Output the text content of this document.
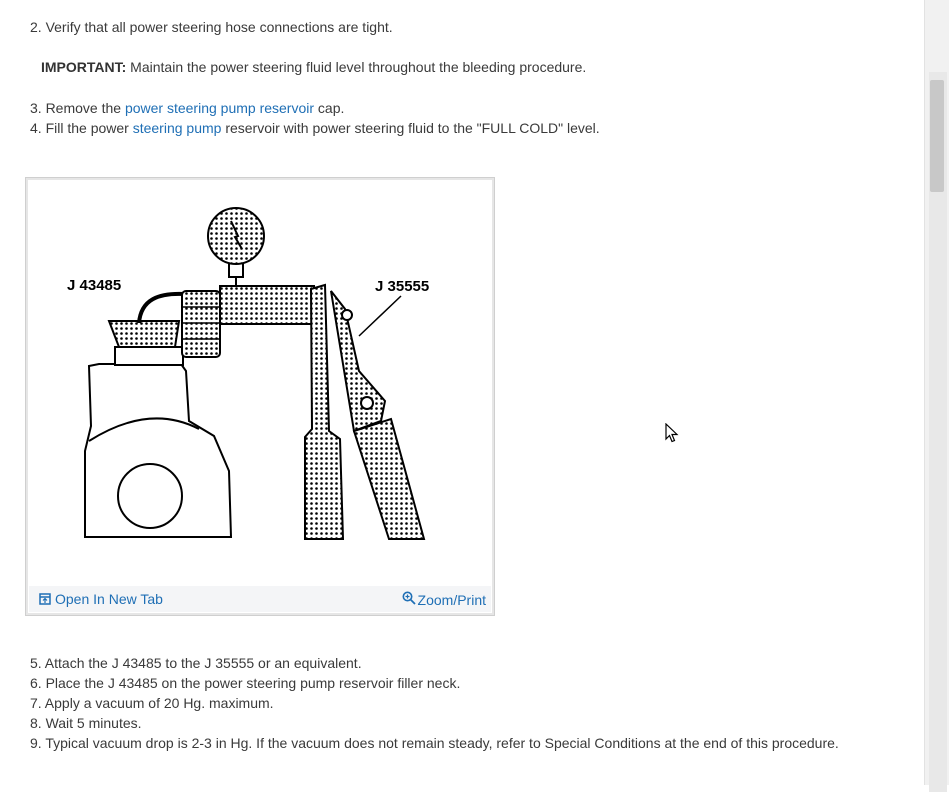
2. Verify that all power steering hose connections are tight.
IMPORTANT: Maintain the power steering fluid level throughout the bleeding procedure.
3. Remove the power steering pump reservoir cap.
4. Fill the power steering pump reservoir with power steering fluid to the "FULL COLD" level.
J 43485	J 35555
Open In New Tab	Zoom/Print
5. Attach the J 43485 to the J 35555 or an equivalent.
6. Place the J 43485 on the power steering pump reservoir filler neck.
7. Apply a vacuum of 20 Hg. maximum.
8. Wait 5 minutes.
9. Typical vacuum drop is 2-3 in Hg. If the vacuum does not remain steady, refer to Special Conditions at the end of this procedure.
